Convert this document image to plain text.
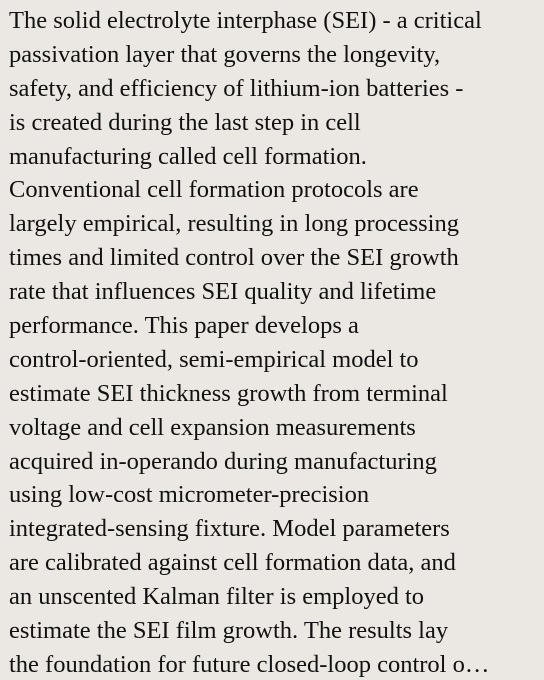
The solid electrolyte interphase (SEI) - a critical
passivation layer that governs the longevity,
safety, and efficiency of lithium-ion batteries -
is created during the last step in cell
manufacturing called cell formation.
Conventional cell formation protocols are
largely empirical, resulting in long processing
times and limited control over the SEI growth
rate that influences SEI quality and lifetime
performance. This paper develops a
control-oriented, semi-empirical model to
estimate SEI thickness growth from terminal
voltage and cell expansion measurements
acquired in-operando during manufacturing
using low-cost micrometer-precision
integrated-sensing fixture. Model parameters
are calibrated against cell formation data, and
an unscented Kalman filter is employed to
estimate the SEI film growth. The results lay
the foundation for future closed-loop control o…
